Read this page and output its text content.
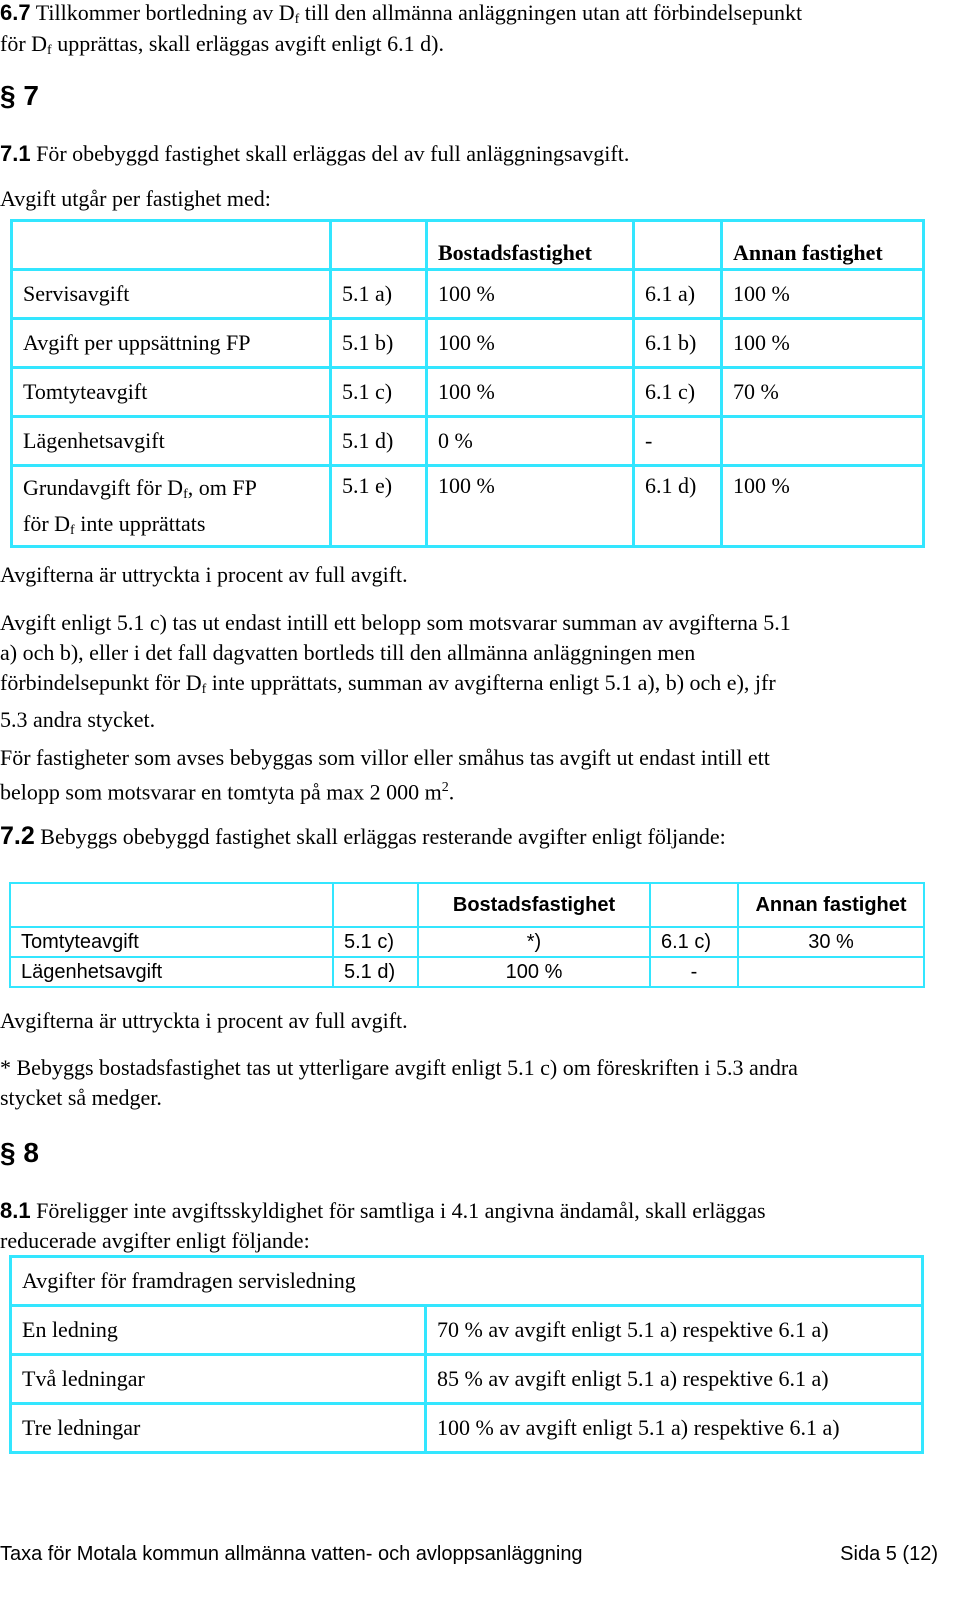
6.7 Tillkommer bortledning av $D_f$ till den allmänna anläggningen utan att förbindelsepunkt
för $D_f$ upprättas, skall erläggas avgift enligt 6.1 d).
§ 7
7.1 För obebyggd fastighet skall erläggas del av full anläggningsavgift.
Avgift utgår per fastighet med:
		Bostadsfastighet		Annan fastighet
Servisavgift	5.1 a)	100 %	6.1 a)	100 %
Avgift per uppsättning FP	5.1 b)	100 %	6.1 b)	100 %
Tomtyteavgift	5.1 c)	100 %	6.1 c)	70 %
Lägenhetsavgift	5.1 d)	0 %	-	
Grundavgift för $D_f$, om FP
för $D_f$ inte upprättats	5.1 e)	100 %	6.1 d)	100 %
Avgifterna är uttryckta i procent av full avgift.
Avgift enligt 5.1 c) tas ut endast intill ett belopp som motsvarar summan av avgifterna 5.1
a) och b), eller i det fall dagvatten bortleds till den allmänna anläggningen men
förbindelsepunkt för $D_f$ inte upprättats, summan av avgifterna enligt 5.1 a), b) och e), jfr
5.3 andra stycket.
För fastigheter som avses bebyggas som villor eller småhus tas avgift ut endast intill ett
belopp som motsvarar en tomtyta på max 2 000 $m^2$.
7.2 Bebyggs obebyggd fastighet skall erläggas resterande avgifter enligt följande:
		Bostadsfastighet		Annan fastighet
Tomtyteavgift	5.1 c)	*)	6.1 c)	30 %
Lägenhetsavgift	5.1 d)	100 %	-	
Avgifterna är uttryckta i procent av full avgift.
* Bebyggs bostadsfastighet tas ut ytterligare avgift enligt 5.1 c) om föreskriften i 5.3 andra
stycket så medger.
§ 8
8.1 Föreligger inte avgiftsskyldighet för samtliga i 4.1 angivna ändamål, skall erläggas
reducerade avgifter enligt följande:
Avgifter för framdragen servisledning	
En ledning	70 % av avgift enligt 5.1 a) respektive 6.1 a)
Två ledningar	85 % av avgift enligt 5.1 a) respektive 6.1 a)
Tre ledningar	100 % av avgift enligt 5.1 a) respektive 6.1 a)
Taxa för Motala kommun allmänna vatten- och avloppsanläggning	Sida 5 (12)
